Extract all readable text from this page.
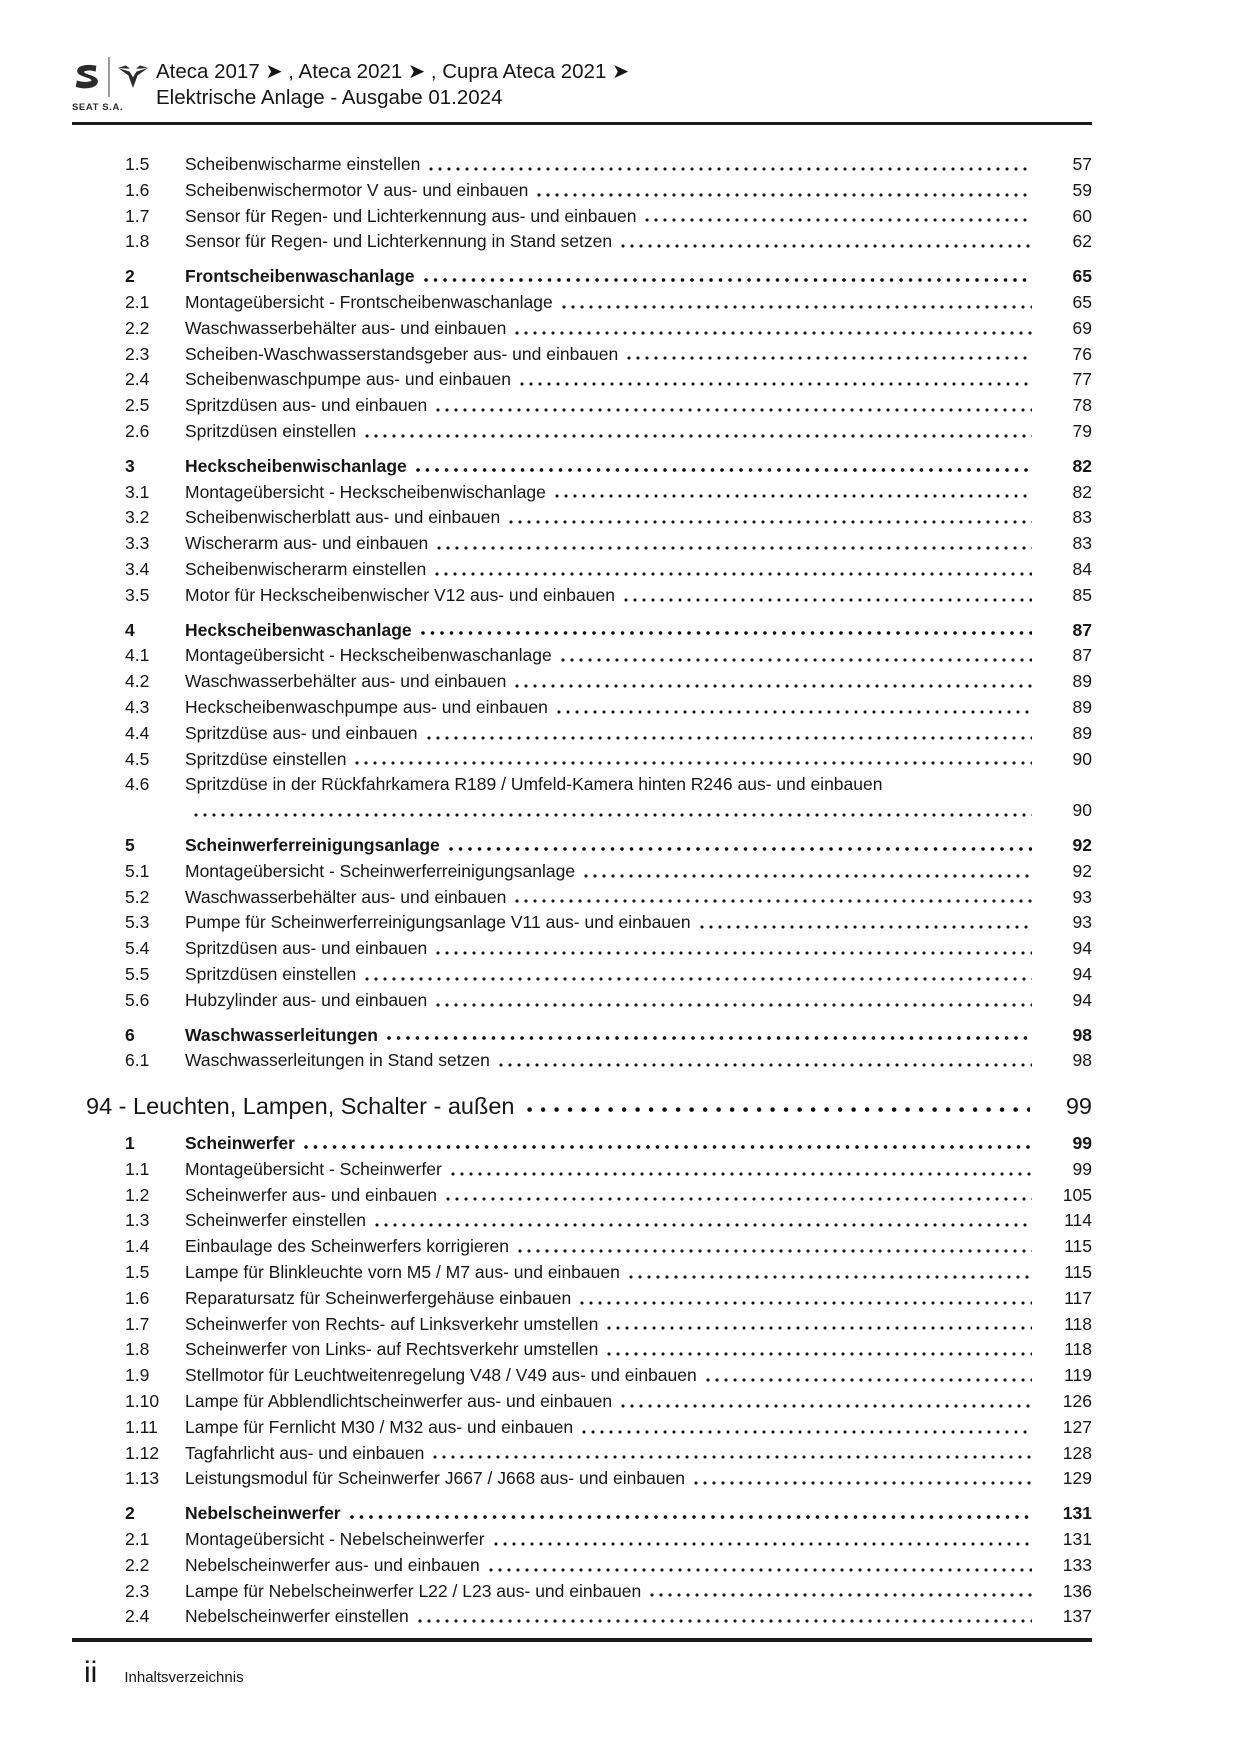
SEAT S.A.
Ateca 2017 ➤ , Ateca 2021 ➤ , Cupra Ateca 2021 ➤
Elektrische Anlage - Ausgabe 01.2024
1.5	Scheibenwischarme einstellen	57
1.6	Scheibenwischermotor V aus- und einbauen	59
1.7	Sensor für Regen- und Lichterkennung aus- und einbauen	60
1.8	Sensor für Regen- und Lichterkennung in Stand setzen	62
2	Frontscheibenwaschanlage	65
2.1	Montageübersicht - Frontscheibenwaschanlage	65
2.2	Waschwasserbehälter aus- und einbauen	69
2.3	Scheiben-Waschwasserstandsgeber aus- und einbauen	76
2.4	Scheibenwaschpumpe aus- und einbauen	77
2.5	Spritzdüsen aus- und einbauen	78
2.6	Spritzdüsen einstellen	79
3	Heckscheibenwischanlage	82
3.1	Montageübersicht - Heckscheibenwischanlage	82
3.2	Scheibenwischerblatt aus- und einbauen	83
3.3	Wischerarm aus- und einbauen	83
3.4	Scheibenwischerarm einstellen	84
3.5	Motor für Heckscheibenwischer V12 aus- und einbauen	85
4	Heckscheibenwaschanlage	87
4.1	Montageübersicht - Heckscheibenwaschanlage	87
4.2	Waschwasserbehälter aus- und einbauen	89
4.3	Heckscheibenwaschpumpe aus- und einbauen	89
4.4	Spritzdüse aus- und einbauen	89
4.5	Spritzdüse einstellen	90
4.6	Spritzdüse in der Rückfahrkamera R189 / Umfeld-Kamera hinten R246 aus- und einbauen
90
5	Scheinwerferreinigungsanlage	92
5.1	Montageübersicht - Scheinwerferreinigungsanlage	92
5.2	Waschwasserbehälter aus- und einbauen	93
5.3	Pumpe für Scheinwerferreinigungsanlage V11 aus- und einbauen	93
5.4	Spritzdüsen aus- und einbauen	94
5.5	Spritzdüsen einstellen	94
5.6	Hubzylinder aus- und einbauen	94
6	Waschwasserleitungen	98
6.1	Waschwasserleitungen in Stand setzen	98
94 - Leuchten, Lampen, Schalter - außen	99
1	Scheinwerfer	99
1.1	Montageübersicht - Scheinwerfer	99
1.2	Scheinwerfer aus- und einbauen	105
1.3	Scheinwerfer einstellen	114
1.4	Einbaulage des Scheinwerfers korrigieren	115
1.5	Lampe für Blinkleuchte vorn M5 / M7 aus- und einbauen	115
1.6	Reparatursatz für Scheinwerfergehäuse einbauen	117
1.7	Scheinwerfer von Rechts- auf Linksverkehr umstellen	118
1.8	Scheinwerfer von Links- auf Rechtsverkehr umstellen	118
1.9	Stellmotor für Leuchtweitenregelung V48 / V49 aus- und einbauen	119
1.10	Lampe für Abblendlichtscheinwerfer aus- und einbauen	126
1.11	Lampe für Fernlicht M30 / M32 aus- und einbauen	127
1.12	Tagfahrlicht aus- und einbauen	128
1.13	Leistungsmodul für Scheinwerfer J667 / J668 aus- und einbauen	129
2	Nebelscheinwerfer	131
2.1	Montageübersicht - Nebelscheinwerfer	131
2.2	Nebelscheinwerfer aus- und einbauen	133
2.3	Lampe für Nebelscheinwerfer L22 / L23 aus- und einbauen	136
2.4	Nebelscheinwerfer einstellen	137
ii Inhaltsverzeichnis
